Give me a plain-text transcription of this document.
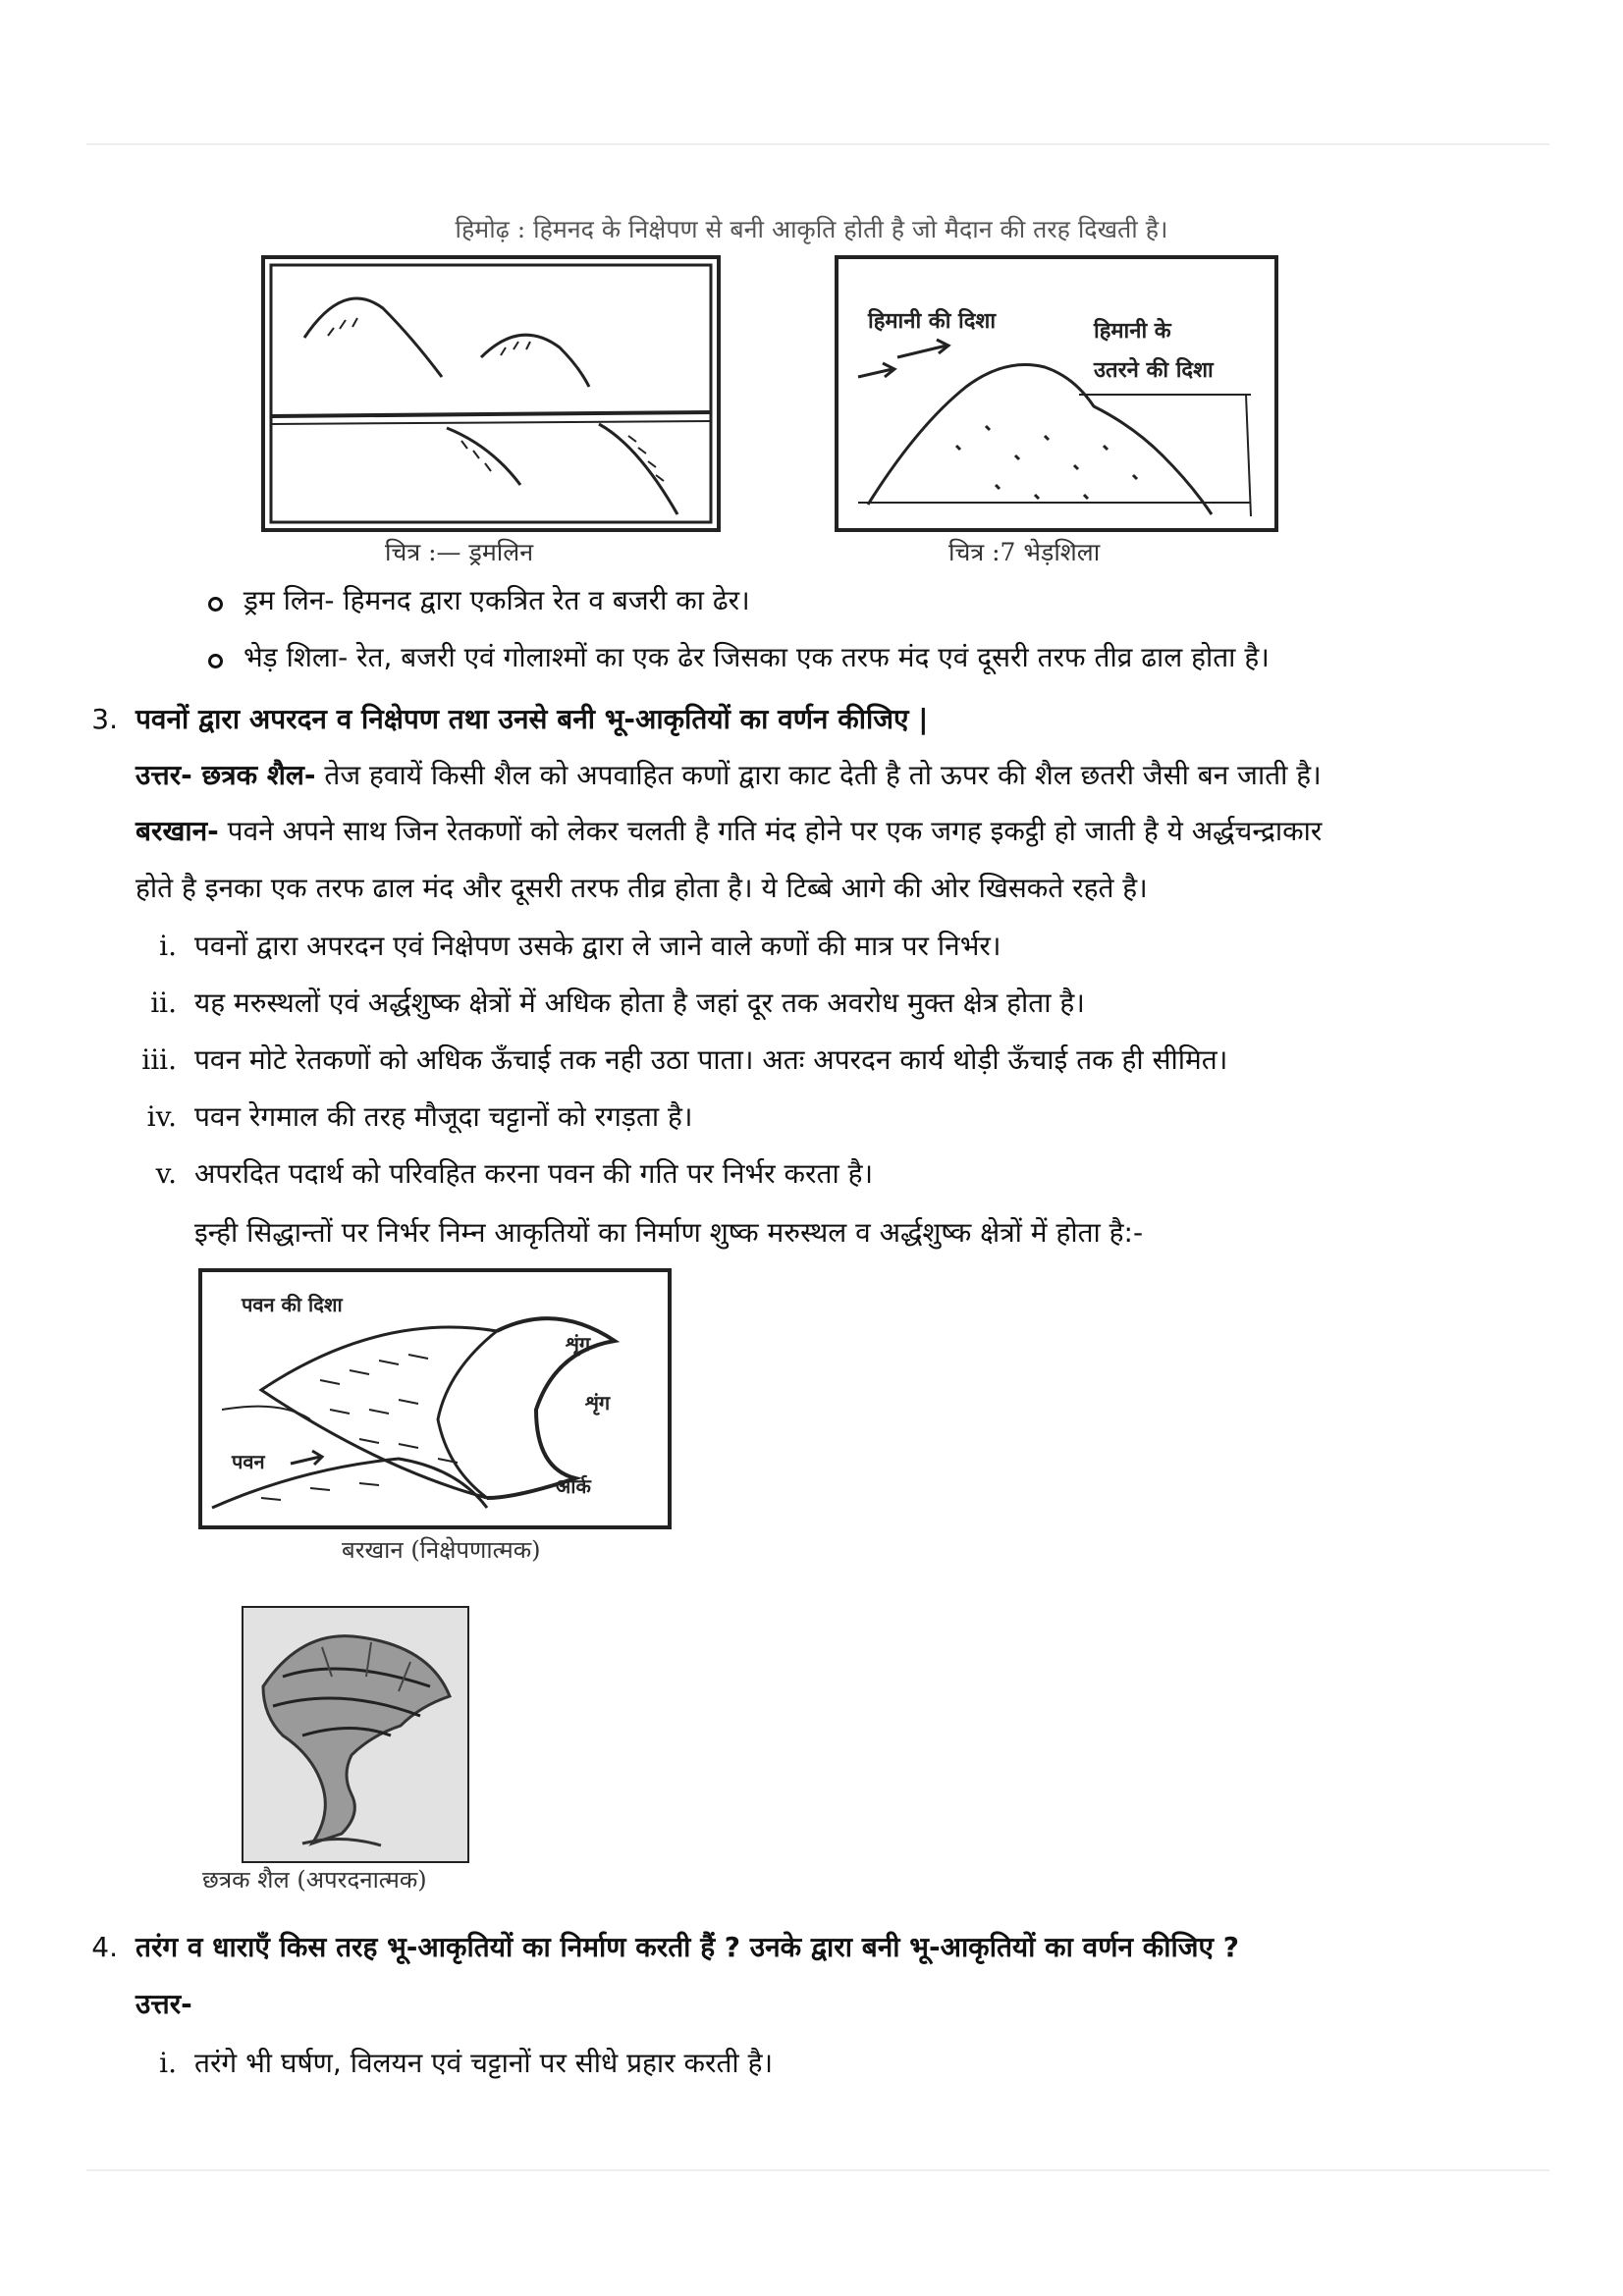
हिमोढ़ : हिमनद के निक्षेपण से बनी आकृति होती है जो मैदान की तरह दिखती है।
चित्र :— ड्रमलिन
हिमानी की दिशा	हिमानी के
उतरने की दिशा
चित्र :7 भेड़शिला
ड्रम लिन- हिमनद द्वारा एकत्रित रेत व बजरी का ढेर।
भेड़ शिला- रेत, बजरी एवं गोलाश्मों का एक ढेर जिसका एक तरफ मंद एवं दूसरी तरफ तीव्र ढाल होता है।
3. पवनों द्वारा अपरदन व निक्षेपण तथा उनसे बनी भू-आकृतियों का वर्णन कीजिए |
उत्तर- छत्रक शैल- तेज हवायें किसी शैल को अपवाहित कणों द्वारा काट देती है तो ऊपर की शैल छतरी जैसी बन जाती है।
बरखान- पवने अपने साथ जिन रेतकणों को लेकर चलती है गति मंद होने पर एक जगह इकट्ठी हो जाती है ये अर्द्धचन्द्राकार
होते है इनका एक तरफ ढाल मंद और दूसरी तरफ तीव्र होता है। ये टिब्बे आगे की ओर खिसकते रहते है।
i. पवनों द्वारा अपरदन एवं निक्षेपण उसके द्वारा ले जाने वाले कणों की मात्र पर निर्भर।
ii. यह मरुस्थलों एवं अर्द्धशुष्क क्षेत्रों में अधिक होता है जहां दूर तक अवरोध मुक्त क्षेत्र होता है।
iii. पवन मोटे रेतकणों को अधिक ऊँचाई तक नही उठा पाता। अतः अपरदन कार्य थोड़ी ऊँचाई तक ही सीमित।
iv. पवन रेगमाल की तरह मौजूदा चट्टानों को रगड़ता है।
v. अपरदित पदार्थ को परिवहित करना पवन की गति पर निर्भर करता है।
इन्ही सिद्धान्तों पर निर्भर निम्न आकृतियों का निर्माण शुष्क मरुस्थल व अर्द्धशुष्क क्षेत्रों में होता है:-
पवन की दिशा
शृंग
शृंग
पवन
आर्क
बरखान (निक्षेपणात्मक)
छत्रक शैल (अपरदनात्मक)
4. तरंग व धाराएँ किस तरह भू-आकृतियों का निर्माण करती हैं ? उनके द्वारा बनी भू-आकृतियों का वर्णन कीजिए ?
उत्तर-
i. तरंगे भी घर्षण, विलयन एवं चट्टानों पर सीधे प्रहार करती है।
